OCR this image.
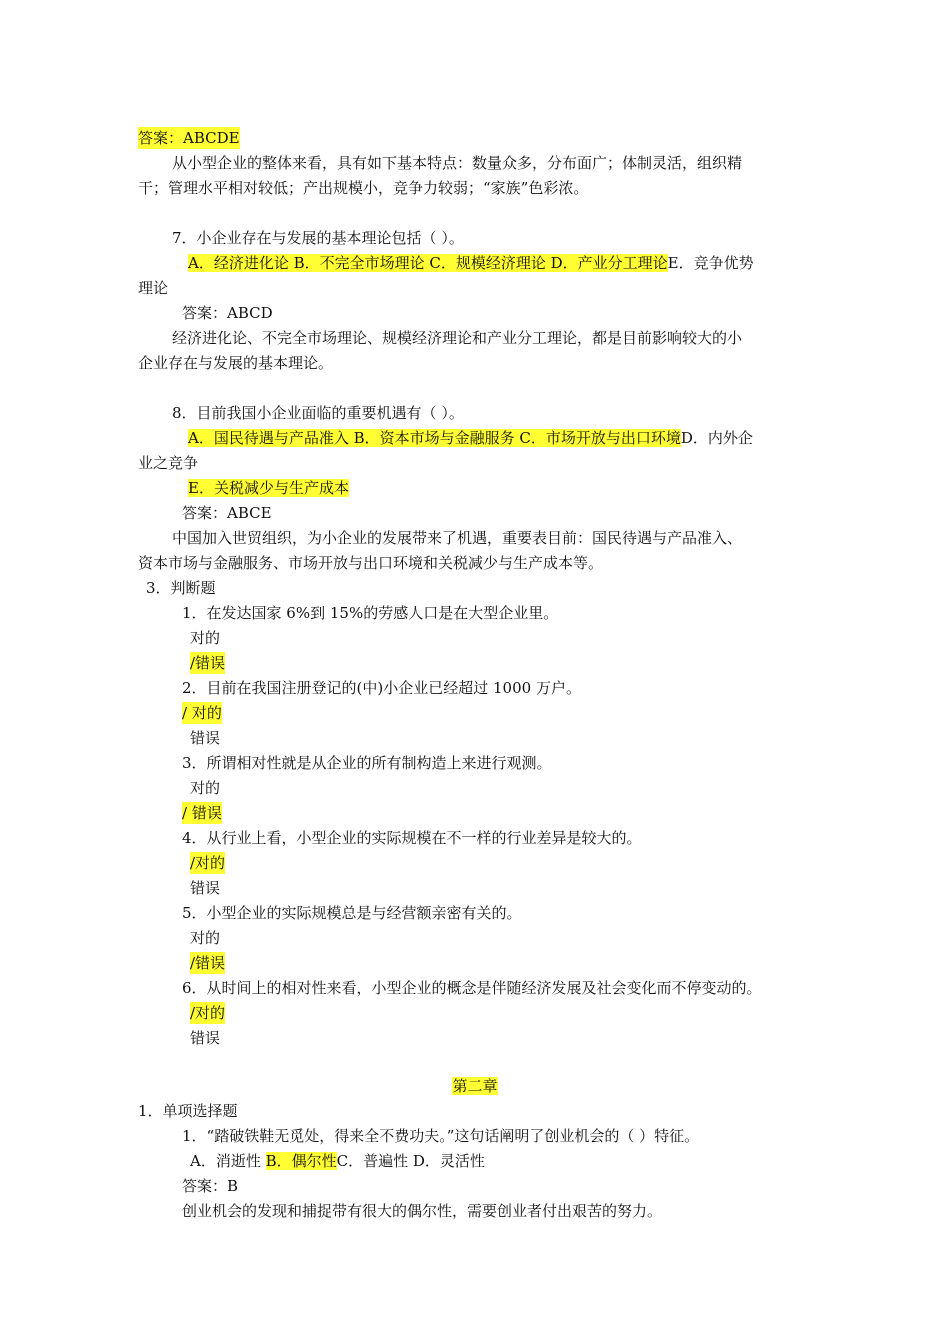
答案：ABCDE
从小型企业的整体来看，具有如下基本特点：数量众多，分布面广；体制灵活，组织精
干；管理水平相对较低；产出规模小，竞争力较弱；“家族”色彩浓。
7．小企业存在与发展的基本理论包括（ ）。
A．经济进化论 B．不完全市场理论 C．规模经济理论 D．产业分工理论E．竞争优势
理论
答案：ABCD
经济进化论、不完全市场理论、规模经济理论和产业分工理论，都是目前影响较大的小
企业存在与发展的基本理论。
8．目前我国小企业面临的重要机遇有（ ）。
A．国民待遇与产品准入 B．资本市场与金融服务 C．市场开放与出口环境D．内外企
业之竞争
E．关税减少与生产成本
答案：ABCE
中国加入世贸组织，为小企业的发展带来了机遇，重要表目前：国民待遇与产品准入、
资本市场与金融服务、市场开放与出口环境和关税减少与生产成本等。
3．判断题
1．在发达国家 6%到 15%的劳感人口是在大型企业里。
对的
/错误
2．目前在我国注册登记的(中)小企业已经超过 1000 万户。
/ 对的
错误
3．所谓相对性就是从企业的所有制构造上来进行观测。
对的
/ 错误
4．从行业上看，小型企业的实际规模在不一样的行业差异是较大的。
/对的
错误
5．小型企业的实际规模总是与经营额亲密有关的。
对的
/错误
6．从时间上的相对性来看，小型企业的概念是伴随经济发展及社会变化而不停变动的。
/对的
错误
第二章
1．单项选择题
1．“踏破铁鞋无觅处，得来全不费功夫。”这句话阐明了创业机会的（ ）特征。
A．消逝性 B．偶尔性C．普遍性 D．灵活性
答案：B
创业机会的发现和捕捉带有很大的偶尔性，需要创业者付出艰苦的努力。
